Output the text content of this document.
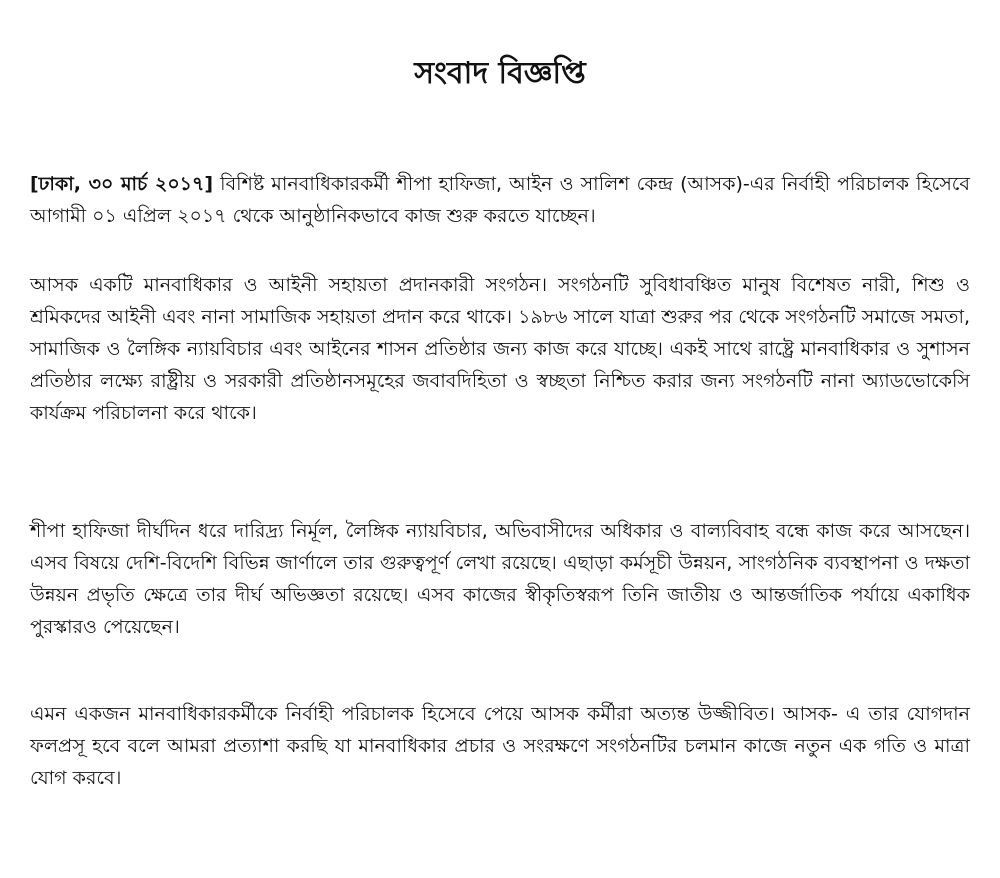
সংবাদ বিজ্ঞপ্তি

[ঢাকা, ৩০ মার্চ ২০১৭] বিশিষ্ট মানবাধিকারকর্মী শীপা হাফিজা, আইন ও সালিশ কেন্দ্র (আসক)-এর নির্বাহী পরিচালক হিসেবে আগামী ০১ এপ্রিল ২০১৭ থেকে আনুষ্ঠানিকভাবে কাজ শুরু করতে যাচ্ছেন।

আসক একটি মানবাধিকার ও আইনী সহায়তা প্রদানকারী সংগঠন। সংগঠনটি সুবিধাবঞ্চিত মানুষ বিশেষত নারী, শিশু ও শ্রমিকদের আইনী এবং নানা সামাজিক সহায়তা প্রদান করে থাকে। ১৯৮৬ সালে যাত্রা শুরুর পর থেকে সংগঠনটি সমাজে সমতা, সামাজিক ও লৈঙ্গিক ন্যায়বিচার এবং আইনের শাসন প্রতিষ্ঠার জন্য কাজ করে যাচ্ছে। একই সাথে রাষ্ট্রে মানবাধিকার ও সুশাসন প্রতিষ্ঠার লক্ষ্যে রাষ্ট্রীয় ও সরকারী প্রতিষ্ঠানসমূহের জবাবদিহিতা ও স্বচ্ছতা নিশ্চিত করার জন্য সংগঠনটি নানা অ্যাডভোকেসি কার্যক্রম পরিচালনা করে থাকে।

শীপা হাফিজা দীর্ঘদিন ধরে দারিদ্র্য নির্মূল, লৈঙ্গিক ন্যায়বিচার, অভিবাসীদের অধিকার ও বাল্যবিবাহ বন্ধে কাজ করে আসছেন। এসব বিষয়ে দেশি-বিদেশি বিভিন্ন জার্ণালে তার গুরুত্বপূর্ণ লেখা রয়েছে। এছাড়া কর্মসূচী উন্নয়ন, সাংগঠনিক ব্যবস্থাপনা ও দক্ষতা উন্নয়ন প্রভৃতি ক্ষেত্রে তার দীর্ঘ অভিজ্ঞতা রয়েছে। এসব কাজের স্বীকৃতিস্বরূপ তিনি জাতীয় ও আন্তর্জাতিক পর্যায়ে একাধিক পুরস্কারও পেয়েছেন।

এমন একজন মানবাধিকারকর্মীকে নির্বাহী পরিচালক হিসেবে পেয়ে আসক কর্মীরা অত্যন্ত উজ্জীবিত। আসক- এ তার যোগদান ফলপ্রসূ হবে বলে আমরা প্রত্যাশা করছি যা মানবাধিকার প্রচার ও সংরক্ষণে সংগঠনটির চলমান কাজে নতুন এক গতি ও মাত্রা যোগ করবে।
